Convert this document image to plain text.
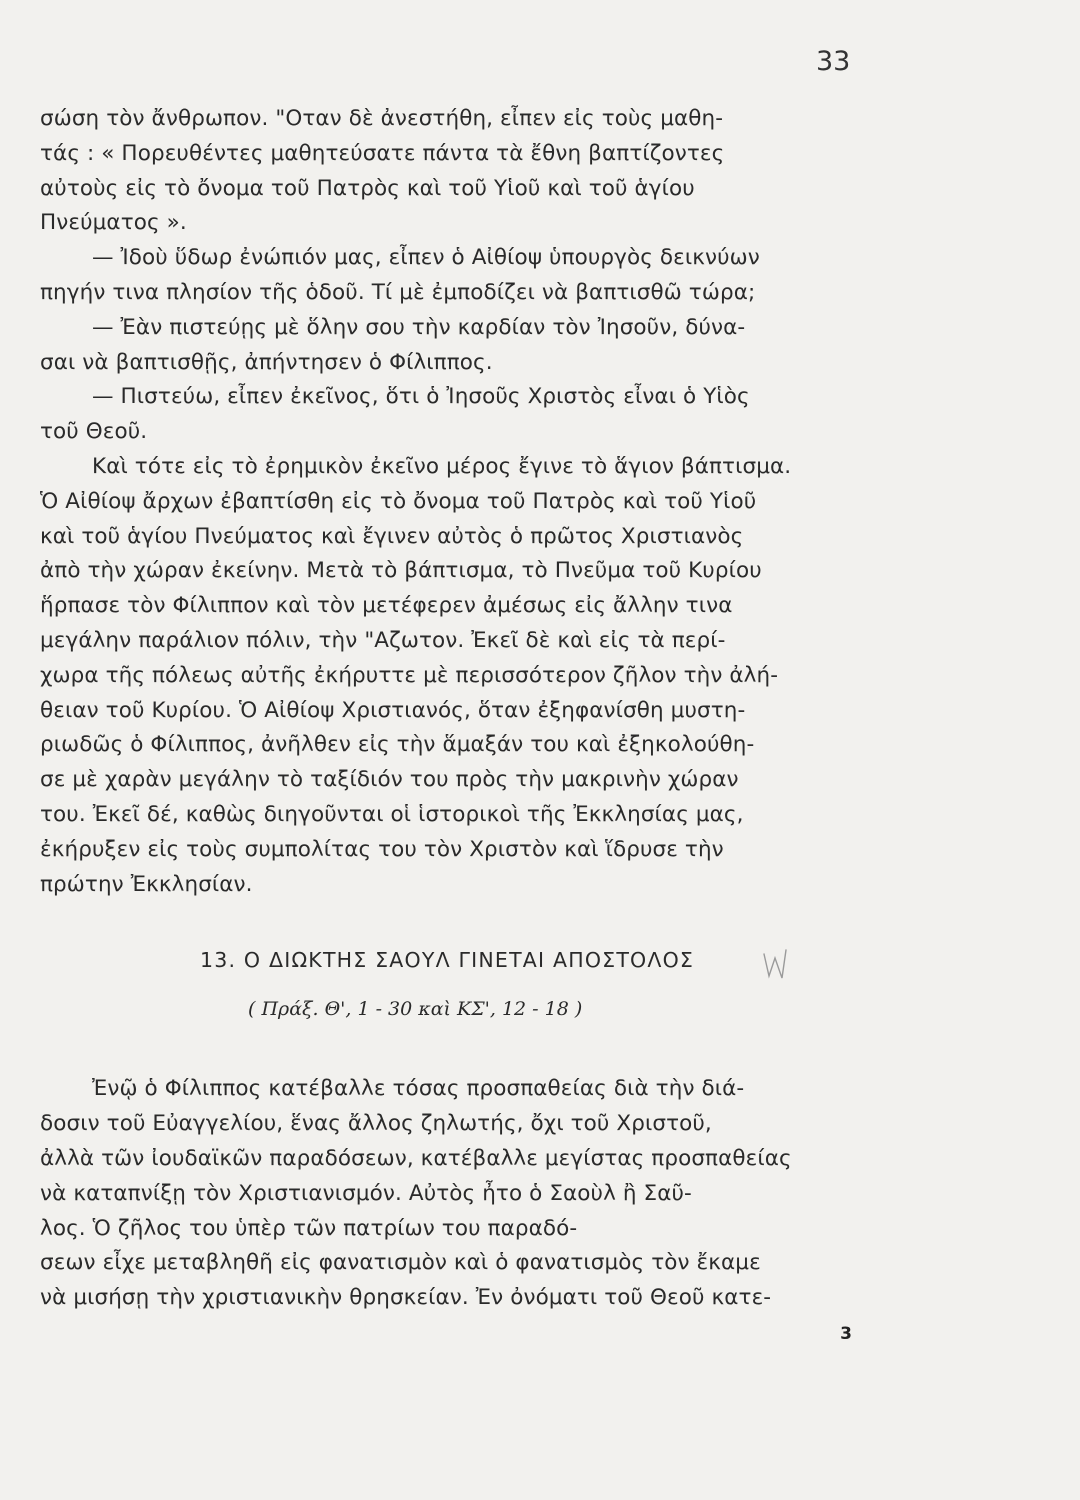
33
σώση τὸν ἄνθρωπον. "Οταν δὲ ἀνεστήθη, εἶπεν εἰς τοὺς μαθη-
τάς : « Πορευθέντες μαθητεύσατε πάντα τὰ ἔθνη βαπτίζοντες
αὐτοὺς εἰς τὸ ὄνομα τοῦ Πατρὸς καὶ τοῦ Υἱοῦ καὶ τοῦ ἁγίου
Πνεύματος ».
— Ἰδοὺ ὕδωρ ἐνώπιόν μας, εἶπεν ὁ Αἰθίοψ ὑπουργὸς δεικνύων
πηγήν τινα πλησίον τῆς ὁδοῦ. Τί μὲ ἐμποδίζει νὰ βαπτισθῶ τώρα;
— Ἐὰν πιστεύῃς μὲ ὅλην σου τὴν καρδίαν τὸν Ἰησοῦν, δύνα-
σαι νὰ βαπτισθῇς, ἀπήντησεν ὁ Φίλιππος.
— Πιστεύω, εἶπεν ἐκεῖνος, ὅτι ὁ Ἰησοῦς Χριστὸς εἶναι ὁ Υἱὸς
τοῦ Θεοῦ.
Καὶ τότε εἰς τὸ ἐρημικὸν ἐκεῖνο μέρος ἔγινε τὸ ἅγιον βάπτισμα.
Ὁ Αἰθίοψ ἄρχων ἐβαπτίσθη εἰς τὸ ὄνομα τοῦ Πατρὸς καὶ τοῦ Υἱοῦ
καὶ τοῦ ἁγίου Πνεύματος καὶ ἔγινεν αὐτὸς ὁ πρῶτος Χριστιανὸς
ἀπὸ τὴν χώραν ἐκείνην. Μετὰ τὸ βάπτισμα, τὸ Πνεῦμα τοῦ Κυρίου
ἥρπασε τὸν Φίλιππον καὶ τὸν μετέφερεν ἀμέσως εἰς ἄλλην τινα
μεγάλην παράλιον πόλιν, τὴν "Αζωτον. Ἐκεῖ δὲ καὶ εἰς τὰ περί-
χωρα τῆς πόλεως αὐτῆς ἐκήρυττε μὲ περισσότερον ζῆλον τὴν ἀλή-
θειαν τοῦ Κυρίου. Ὁ Αἰθίοψ Χριστιανός, ὅταν ἐξηφανίσθη μυστη-
ριωδῶς ὁ Φίλιππος, ἀνῆλθεν εἰς τὴν ἅμαξάν του καὶ ἐξηκολούθη-
σε μὲ χαρὰν μεγάλην τὸ ταξίδιόν του πρὸς τὴν μακρινὴν χώραν
του. Ἐκεῖ δέ, καθὼς διηγοῦνται οἱ ἱστορικοὶ τῆς Ἐκκλησίας μας,
ἐκήρυξεν εἰς τοὺς συμπολίτας του τὸν Χριστὸν καὶ ἵδρυσε τὴν
πρώτην Ἐκκλησίαν.
13. Ο ΔΙΩΚΤΗΣ ΣΑΟΥΛ ΓΙΝΕΤΑΙ ΑΠΟΣΤΟΛΟΣ
( Πράξ. Θ', 1 - 30 καὶ ΚΣ', 12 - 18 )
Ἐνῷ ὁ Φίλιππος κατέβαλλε τόσας προσπαθείας διὰ τὴν διά-
δοσιν τοῦ Εὐαγγελίου, ἕνας ἄλλος ζηλωτής, ὄχι τοῦ Χριστοῦ,
ἀλλὰ τῶν ἰουδαϊκῶν παραδόσεων, κατέβαλλε μεγίστας προσπαθείας
νὰ καταπνίξῃ τὸν Χριστιανισμόν. Αὐτὸς ἦτο ὁ Σαοὺλ ἢ Σαῦ-
λος. Ὁ ζῆλος του ὑπὲρ τῶν πατρίων του παραδό-
σεων εἶχε μεταβληθῆ εἰς φανατισμὸν καὶ ὁ φανατισμὸς τὸν ἔκαμε
νὰ μισήσῃ τὴν χριστιανικὴν θρησκείαν. Ἐν ὀνόματι τοῦ Θεοῦ κατε-
3
